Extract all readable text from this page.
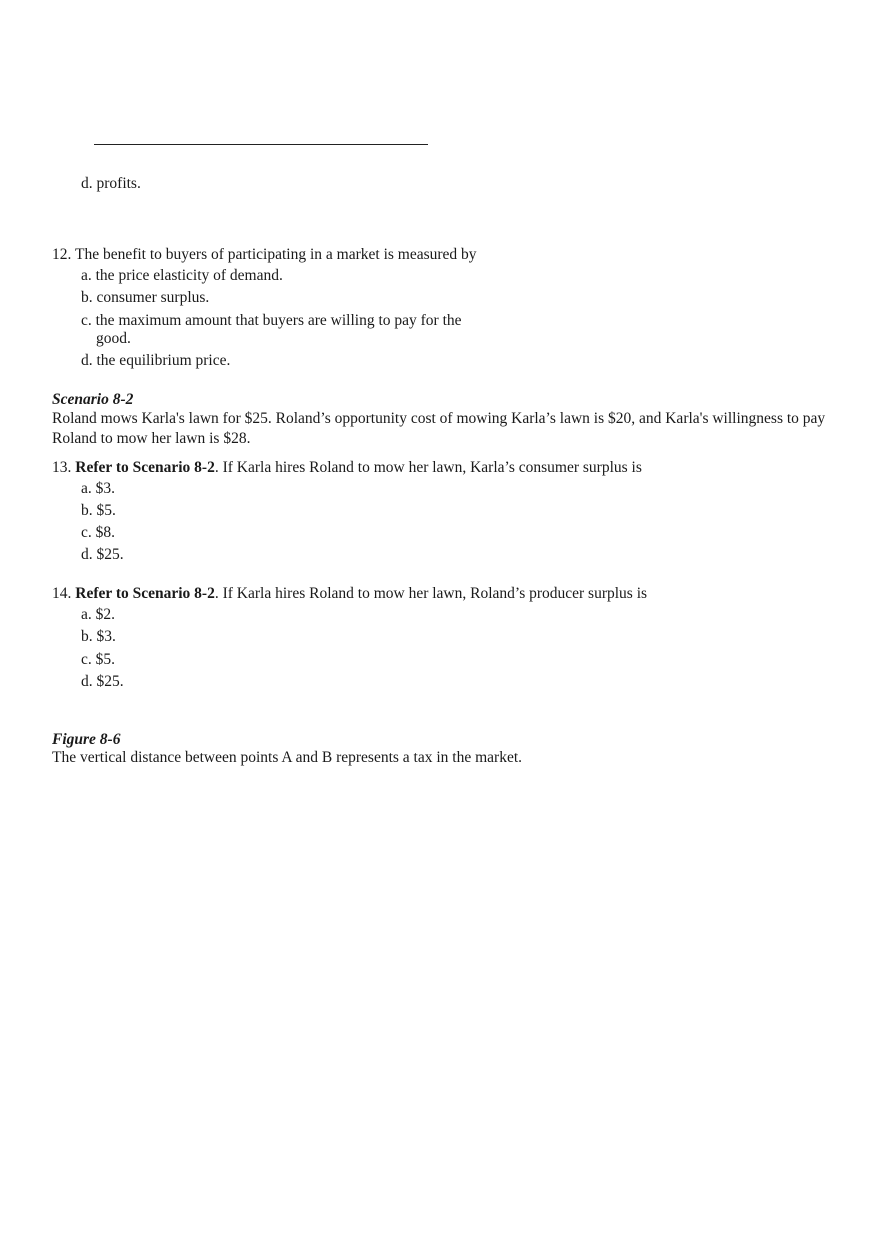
d. profits.
12. The benefit to buyers of participating in a market is measured by
a. the price elasticity of demand.
b. consumer surplus.
c. the maximum amount that buyers are willing to pay for the
good.
d. the equilibrium price.
Scenario 8-2
Roland mows Karla's lawn for $25. Roland’s opportunity cost of mowing Karla’s lawn is $20, and Karla's willingness to pay Roland to mow her lawn is $28.
13. Refer to Scenario 8-2. If Karla hires Roland to mow her lawn, Karla’s consumer surplus is
a. $3.
b. $5.
c. $8.
d. $25.
14. Refer to Scenario 8-2. If Karla hires Roland to mow her lawn, Roland’s producer surplus is
a. $2.
b. $3.
c. $5.
d. $25.
Figure 8-6
The vertical distance between points A and B represents a tax in the market.
